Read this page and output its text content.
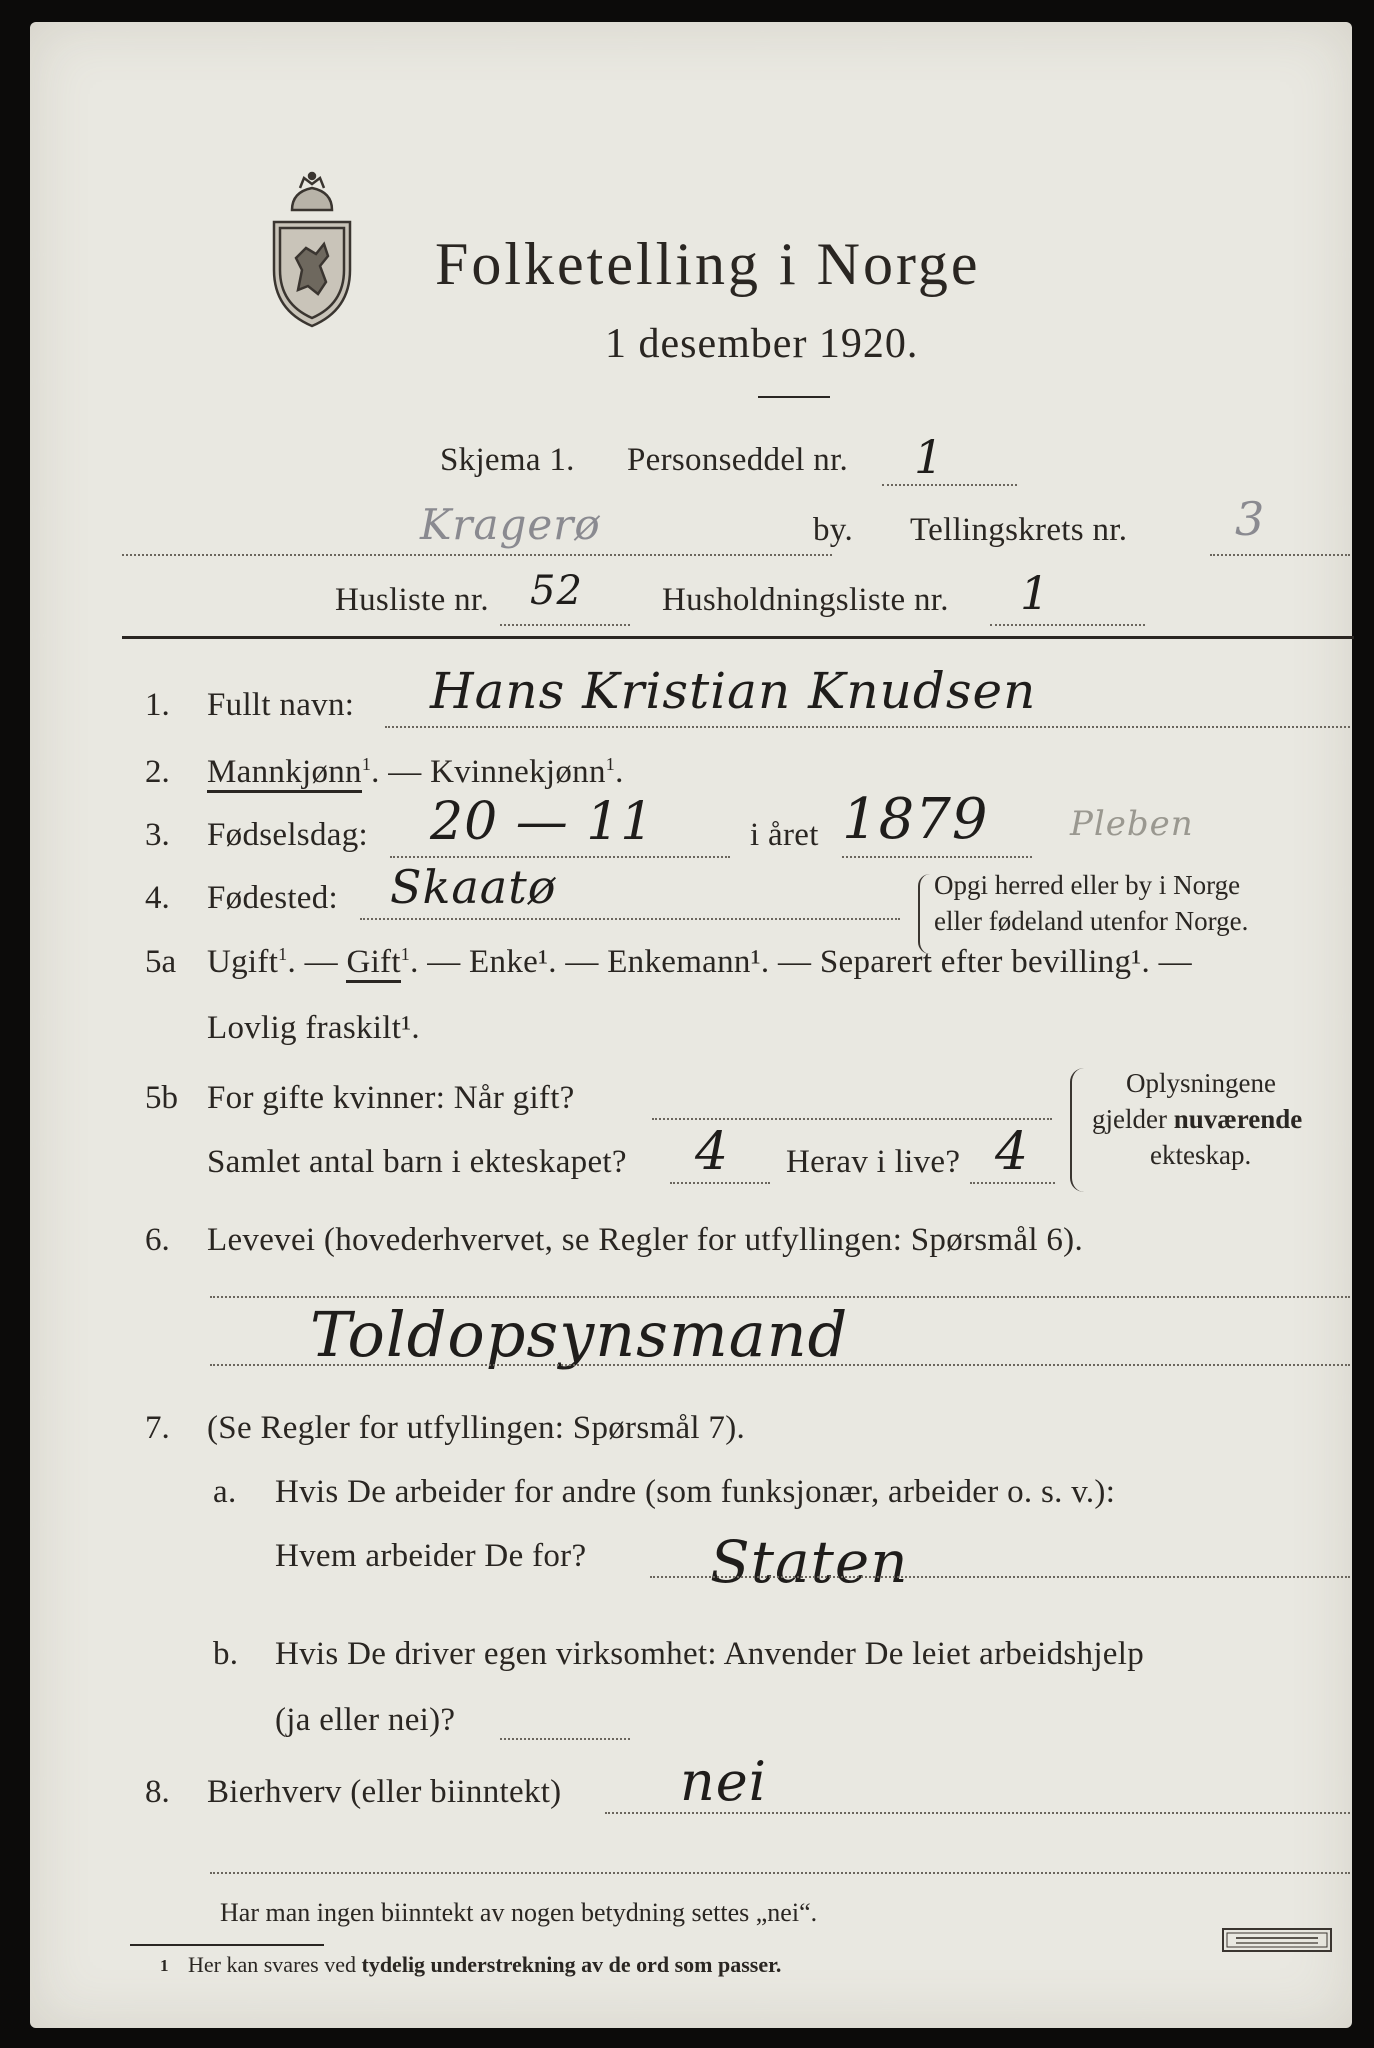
Folketelling i Norge
1 desember 1920.
Skjema 1. Personseddel nr. 1
Kragerø	by. Tellingskrets nr. 3
Husliste nr. 52 Husholdningsliste nr. 1
1. Fullt navn: Hans Kristian Knudsen
2. Mannkjønn$^1$. — Kvinnekjønn$^1$.
3. Fødselsdag: 20 — 11	i året 1879 Pleben
4. Fødested: Skaatø	Opgi herred eller by i Norge
eller fødeland utenfor Norge.
5a Ugift$^1$. — Gift$^1$. — Enke¹. — Enkemann¹. — Separert efter bevilling¹. —
Lovlig fraskilt¹.
5b For gifte kvinner: Når gift?
Samlet antal barn i ekteskapet? 4 Herav i live? 4
Oplysningene
gjelder nuværende
ekteskap.
6. Levevei (hovederhvervet, se Regler for utfyllingen: Spørsmål 6).
Toldopsynsmand
7. (Se Regler for utfyllingen: Spørsmål 7).
a. Hvis De arbeider for andre (som funksjonær, arbeider o. s. v.):
Hvem arbeider De for? Staten
b. Hvis De driver egen virksomhet: Anvender De leiet arbeidshjelp
(ja eller nei)?
8. Bierhverv (eller biinntekt) nei
Har man ingen biinntekt av nogen betydning settes „nei“.
1 Her kan svares ved tydelig understrekning av de ord som passer.
